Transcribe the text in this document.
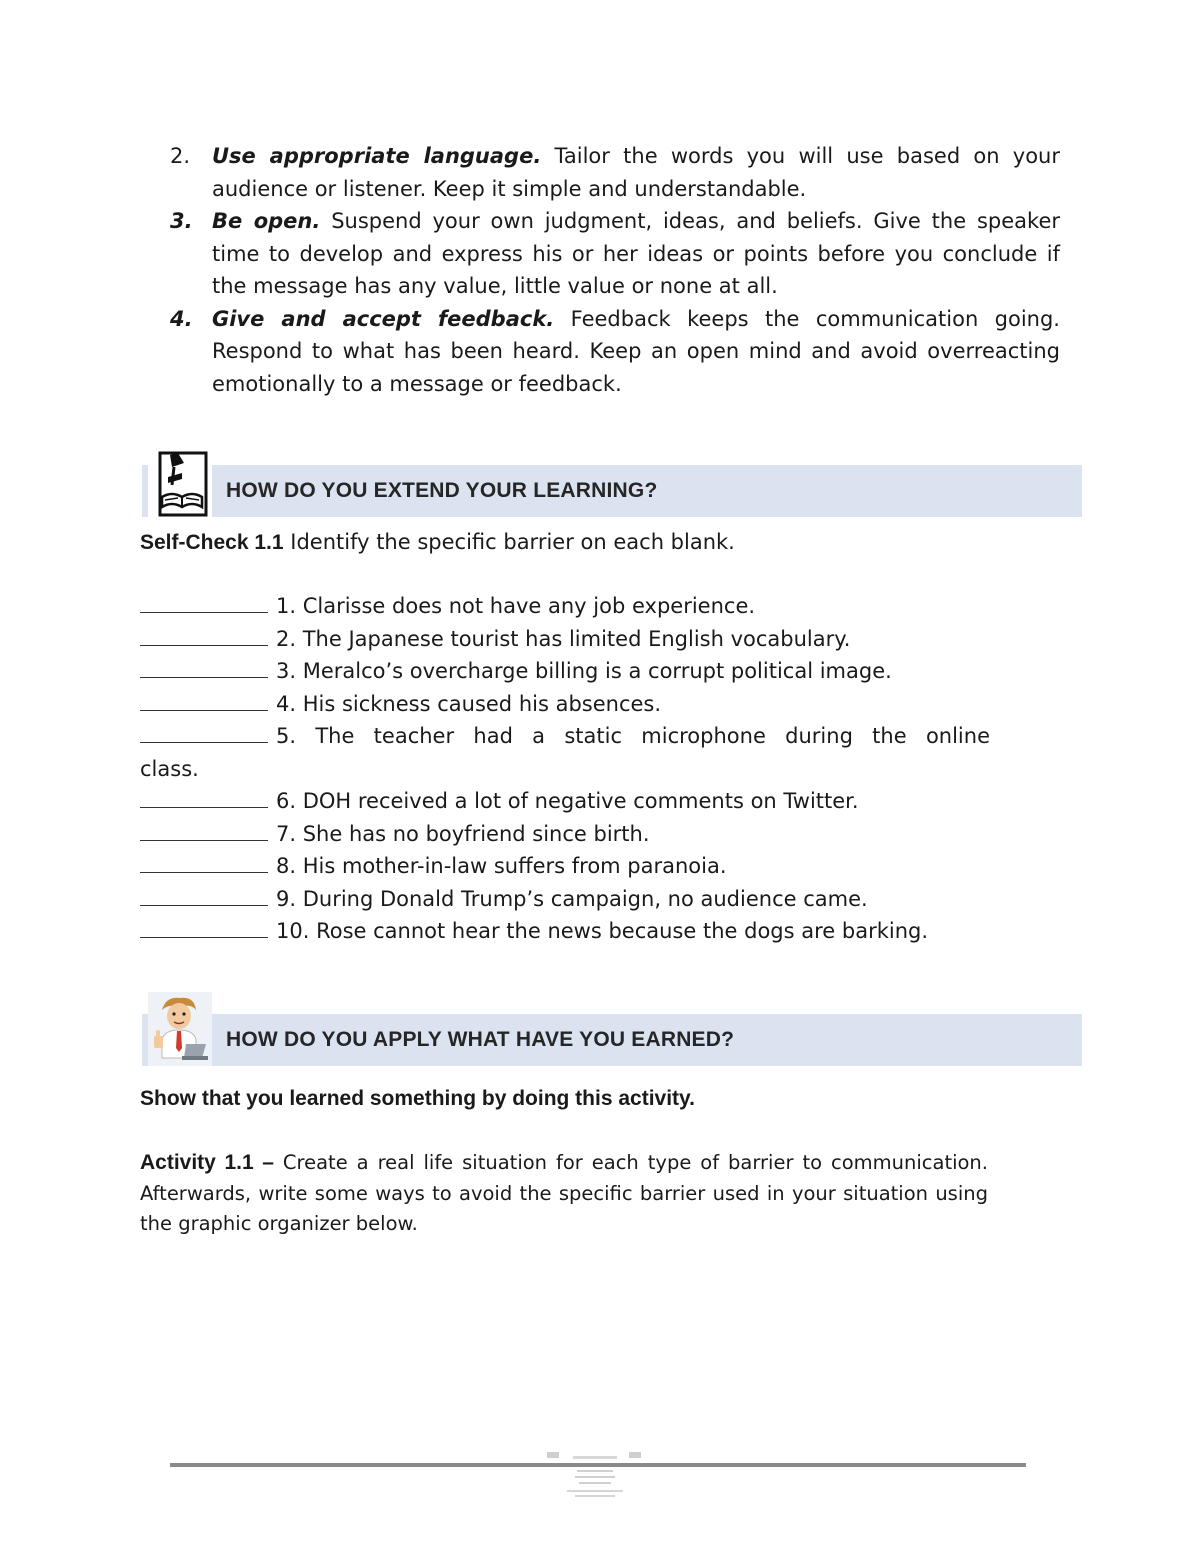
2.	Use appropriate language. Tailor the words you will use based on your audience or listener. Keep it simple and understandable.
3. Be open. Suspend your own judgment, ideas, and beliefs. Give the speaker time to develop and express his or her ideas or points before you conclude if the message has any value, little value or none at all.
4. Give and accept feedback. Feedback keeps the communication going. Respond to what has been heard. Keep an open mind and avoid overreacting emotionally to a message or feedback.
HOW DO YOU EXTEND YOUR LEARNING?
Self-Check 1.1 Identify the specific barrier on each blank.
1. Clarisse does not have any job experience.
2. The Japanese tourist has limited English vocabulary.
3. Meralco’s overcharge billing is a corrupt political image.
4. His sickness caused his absences.
5. The teacher had a static microphone during the online
class.
6. DOH received a lot of negative comments on Twitter.
7. She has no boyfriend since birth.
8. His mother-in-law suffers from paranoia.
9. During Donald Trump’s campaign, no audience came.
10. Rose cannot hear the news because the dogs are barking.
HOW DO YOU APPLY WHAT HAVE YOU EARNED?
Show that you learned something by doing this activity.
Activity 1.1 – Create a real life situation for each type of barrier to communication. Afterwards, write some ways to avoid the specific barrier used in your situation using the graphic organizer below.
